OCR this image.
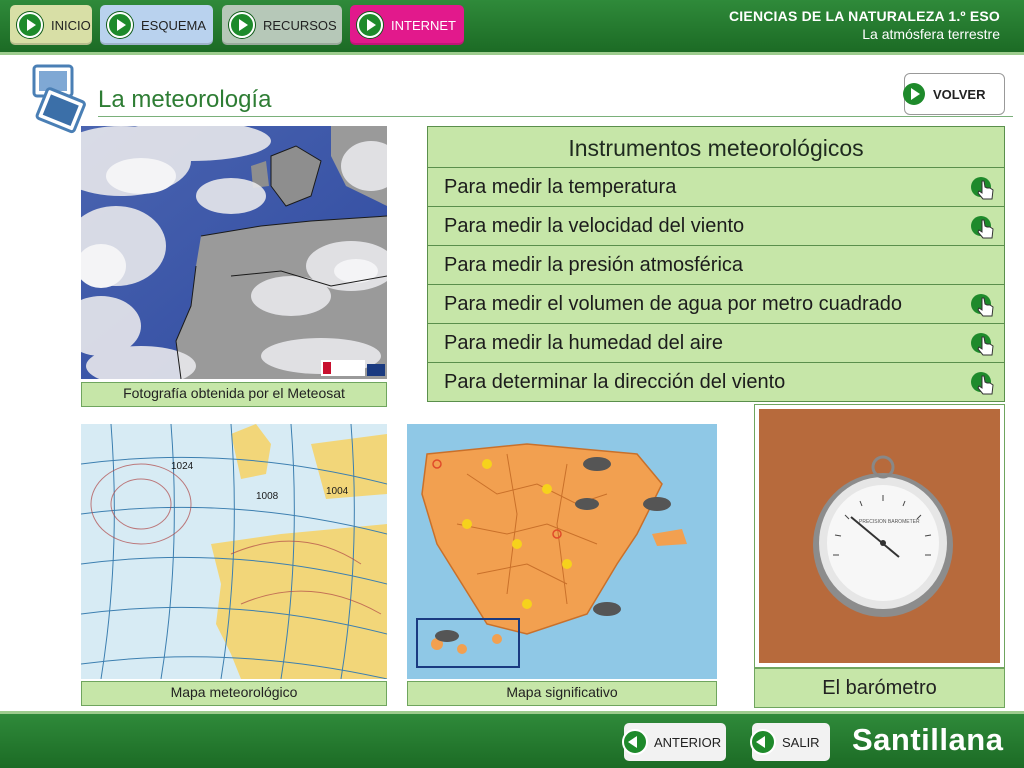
INICIO	ESQUEMA	RECURSOS	INTERNET
CIENCIAS DE LA NATURALEZA 1.º ESO
La atmósfera terrestre
La meteorología	VOLVER
Fotografía obtenida por el Meteosat
1024
1008	1004
Mapa meteorológico	Mapa significativo
Instrumentos meteorológicos
Para medir la temperatura
Para medir la velocidad del viento
Para medir la presión atmosférica
Para medir el volumen de agua por metro cuadrado
Para medir la humedad del aire
Para determinar la dirección del viento
PRECISION BAROMETER
El barómetro
ANTERIOR	SALIR Santillana
